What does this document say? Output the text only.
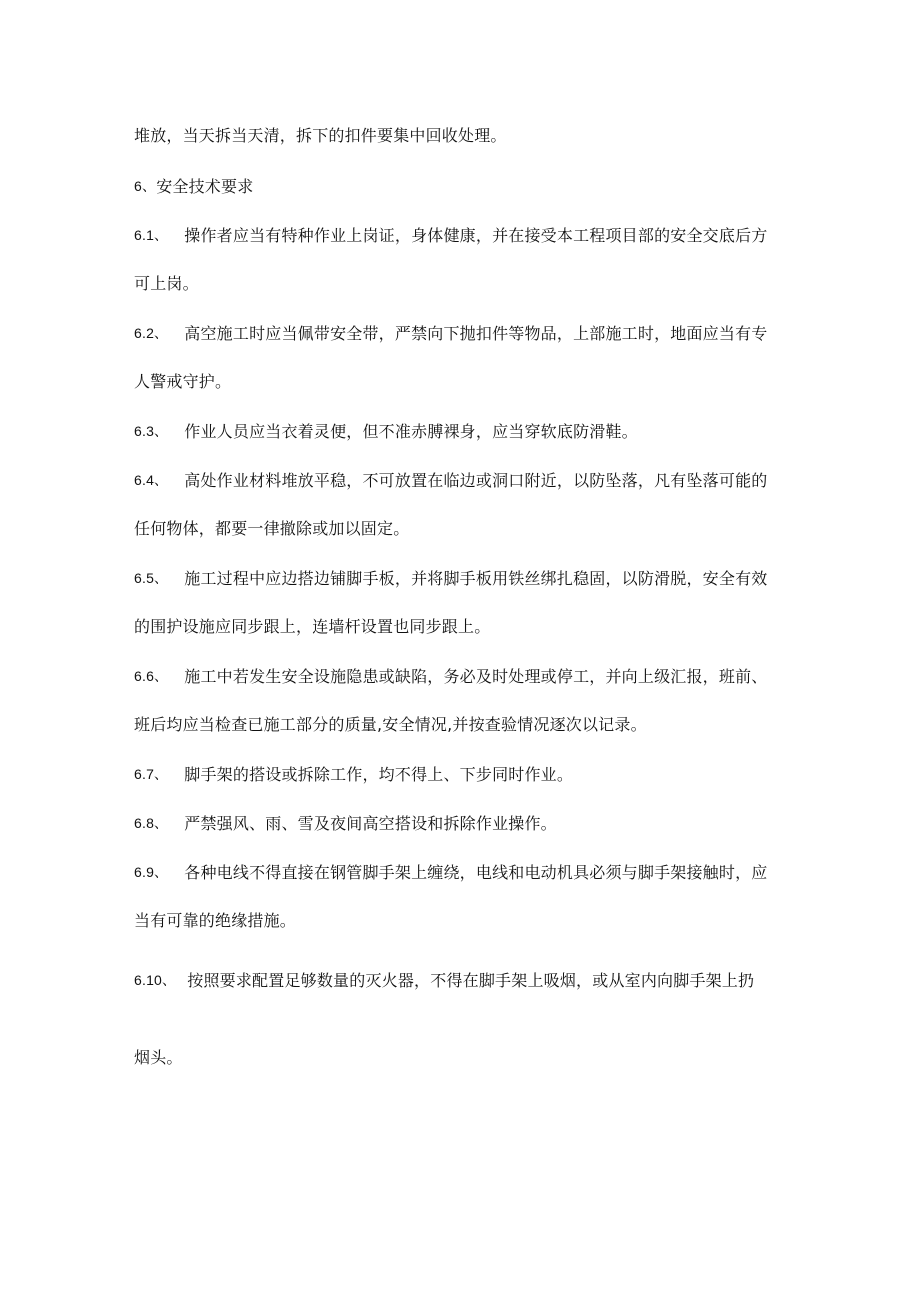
堆放，当天拆当天清，拆下的扣件要集中回收处理。
6、安全技术要求
6.1、 操作者应当有特种作业上岗证，身体健康，并在接受本工程项目部的安全交底后方
可上岗。
6.2、 高空施工时应当佩带安全带，严禁向下抛扣件等物品，上部施工时，地面应当有专
人警戒守护。
6.3、 作业人员应当衣着灵便，但不准赤膊裸身，应当穿软底防滑鞋。
6.4、 高处作业材料堆放平稳，不可放置在临边或洞口附近，以防坠落，凡有坠落可能的
任何物体，都要一律撤除或加以固定。
6.5、 施工过程中应边搭边铺脚手板，并将脚手板用铁丝绑扎稳固，以防滑脱，安全有效
的围护设施应同步跟上，连墙杆设置也同步跟上。
6.6、 施工中若发生安全设施隐患或缺陷，务必及时处理或停工，并向上级汇报，班前、
班后均应当检查已施工部分的质量,安全情况,并按查验情况逐次以记录。
6.7、 脚手架的搭设或拆除工作，均不得上、下步同时作业。
6.8、 严禁强风、雨、雪及夜间高空搭设和拆除作业操作。
6.9、 各种电线不得直接在钢管脚手架上缠绕，电线和电动机具必须与脚手架接触时，应
当有可靠的绝缘措施。
6.10、 按照要求配置足够数量的灭火器，不得在脚手架上吸烟，或从室内向脚手架上扔
烟头。
